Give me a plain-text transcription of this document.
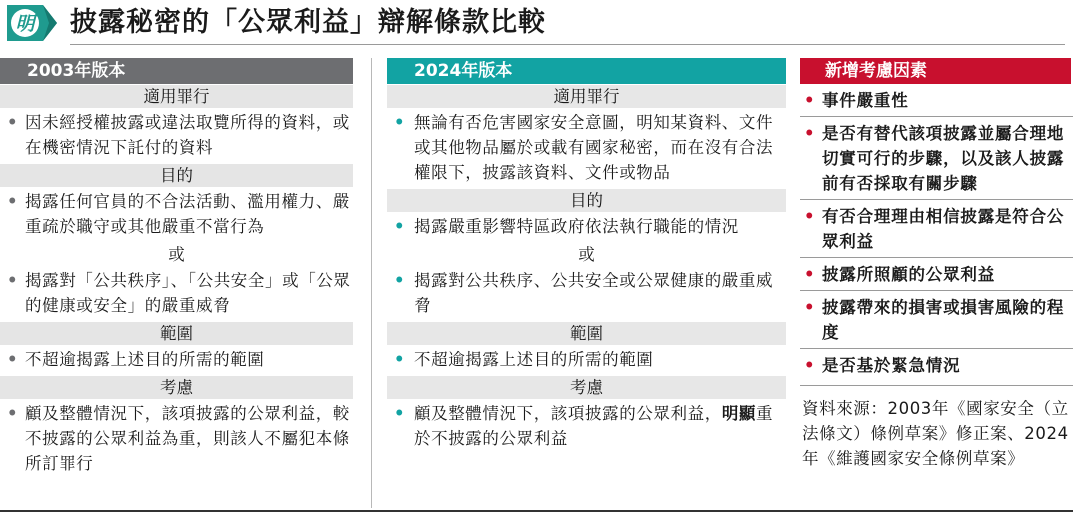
明 披露秘密的「公眾利益」辯解條款比較
2003年版本
適用罪行
• 因未經授權披露或違法取覽所得的資料，或在機密情況下託付的資料
目的
• 揭露任何官員的不合法活動、濫用權力、嚴重疏於職守或其他嚴重不當行為
或
• 揭露對「公共秩序」、「公共安全」或「公眾的健康或安全」的嚴重威脅
範圍
• 不超逾揭露上述目的所需的範圍
考慮
• 顧及整體情況下，該項披露的公眾利益，較不披露的公眾利益為重，則該人不屬犯本條所訂罪行
2024年版本
適用罪行
• 無論有否危害國家安全意圖，明知某資料、文件或其他物品屬於或載有國家秘密，而在沒有合法權限下，披露該資料、文件或物品
目的
• 揭露嚴重影響特區政府依法執行職能的情況
或
• 揭露對公共秩序、公共安全或公眾健康的嚴重威脅
範圍
• 不超逾揭露上述目的所需的範圍
考慮
• 顧及整體情況下，該項披露的公眾利益，明顯重於不披露的公眾利益
新增考慮因素
• 事件嚴重性
• 是否有替代該項披露並屬合理地切實可行的步驟，以及該人披露前有否採取有關步驟
• 有否合理理由相信披露是符合公眾利益
• 披露所照顧的公眾利益
• 披露帶來的損害或損害風險的程度
• 是否基於緊急情況
資料來源：2003年《國家安全（立法條文）條例草案》修正案、2024年《維護國家安全條例草案》
